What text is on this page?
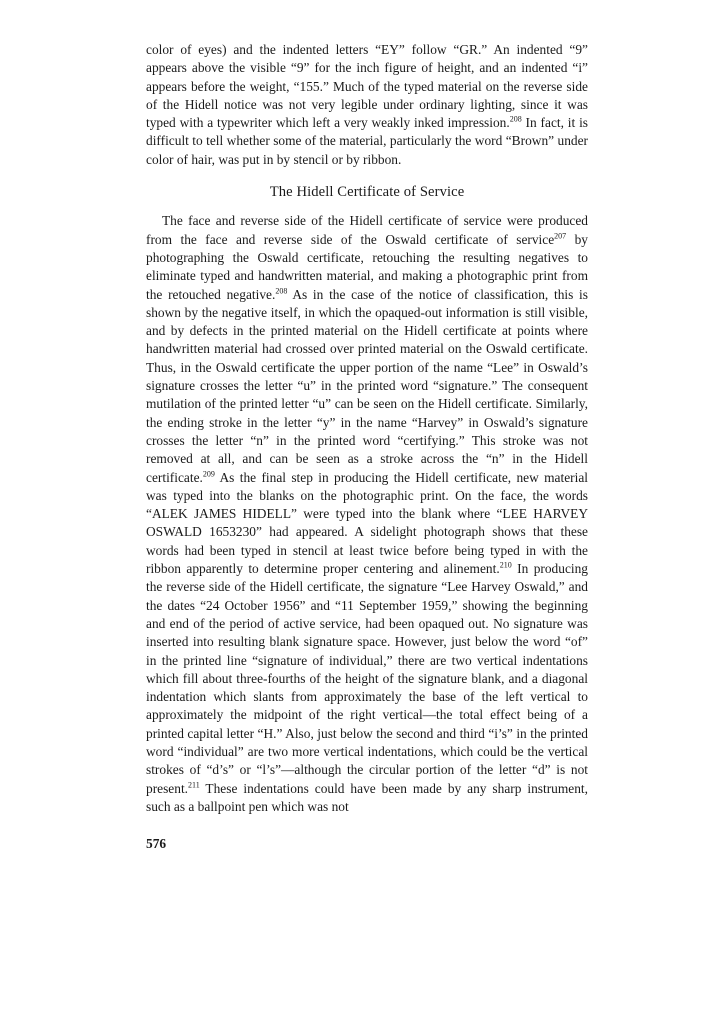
color of eyes) and the indented letters “EY” follow “GR.” An indented “9” appears above the visible “9” for the inch figure of height, and an indented “i” appears before the weight, “155.” Much of the typed material on the reverse side of the Hidell notice was not very legible under ordinary lighting, since it was typed with a typewriter which left a very weakly inked impression.$^{208}$ In fact, it is difficult to tell whether some of the material, particularly the word “Brown” under color of hair, was put in by stencil or by ribbon.

The Hidell Certificate of Service

The face and reverse side of the Hidell certificate of service were produced from the face and reverse side of the Oswald certificate of service$^{207}$ by photographing the Oswald certificate, retouching the resulting negatives to eliminate typed and handwritten material, and making a photographic print from the retouched negative.$^{208}$ As in the case of the notice of classification, this is shown by the negative itself, in which the opaqued-out information is still visible, and by defects in the printed material on the Hidell certificate at points where handwritten material had crossed over printed material on the Oswald certificate. Thus, in the Oswald certificate the upper portion of the name “Lee” in Oswald’s signature crosses the letter “u” in the printed word “signature.” The consequent mutilation of the printed letter “u” can be seen on the Hidell certificate. Similarly, the ending stroke in the letter “y” in the name “Harvey” in Oswald’s signature crosses the letter “n” in the printed word “certifying.” This stroke was not removed at all, and can be seen as a stroke across the “n” in the Hidell certificate.$^{209}$ As the final step in producing the Hidell certificate, new material was typed into the blanks on the photographic print. On the face, the words “ALEK JAMES HIDELL” were typed into the blank where “LEE HARVEY OSWALD 1653230” had appeared. A sidelight photograph shows that these words had been typed in stencil at least twice before being typed in with the ribbon apparently to determine proper centering and alinement.$^{210}$ In producing the reverse side of the Hidell certificate, the signature “Lee Harvey Oswald,” and the dates “24 October 1956” and “11 September 1959,” showing the beginning and end of the period of active service, had been opaqued out. No signature was inserted into resulting blank signature space. However, just below the word “of” in the printed line “signature of individual,” there are two vertical indentations which fill about three-fourths of the height of the signature blank, and a diagonal indentation which slants from approximately the base of the left vertical to approximately the midpoint of the right vertical—the total effect being of a printed capital letter “H.” Also, just below the second and third “i’s” in the printed word “individual” are two more vertical indentations, which could be the vertical strokes of “d’s” or “l’s”—although the circular portion of the letter “d” is not present.$^{211}$ These indentations could have been made by any sharp instrument, such as a ballpoint pen which was not

576
